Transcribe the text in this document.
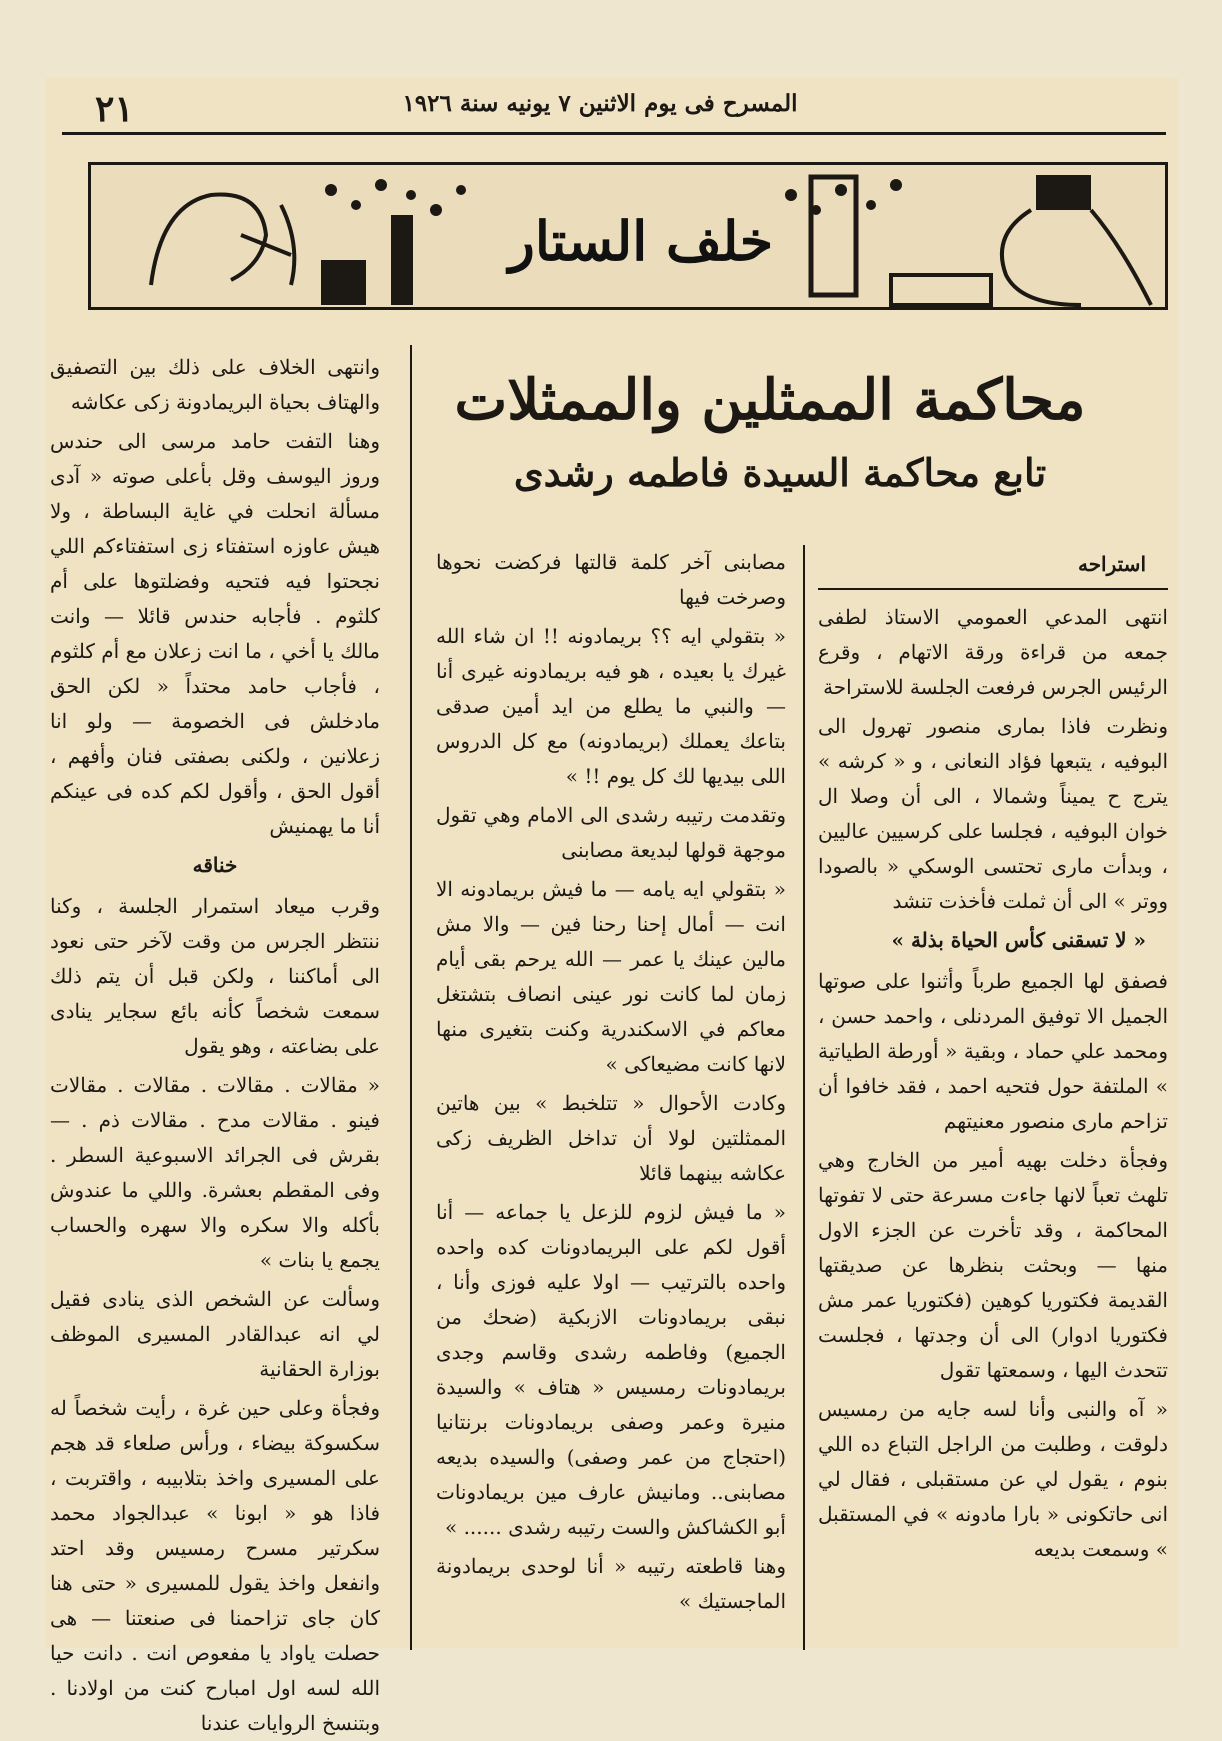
٢١	المسرح فى يوم الاثنين ٧ يونيه سنة ١٩٢٦
خلف الستار
محاكمة الممثلين والممثلات
تابع محاكمة السيدة فاطمه رشدى
استراحه

انتهى المدعي العمومي الاستاذ لطفى جمعه من قراءة ورقة الاتهام ، وقرع الرئيس الجرس فرفعت الجلسة للاستراحة

ونظرت فاذا بمارى منصور تهرول الى البوفيه ، يتبعها فؤاد النعانى ، و « كرشه » يترج ح يميناً وشمالا ، الى أن وصلا ال خوان البوفيه ، فجلسا على كرسيين عاليين ، وبدأت مارى تحتسى الوسكي « بالصودا ووتر » الى أن ثملت فأخذت تنشد

« لا تسقنى كأس الحياة بذلة »

فصفق لها الجميع طرباً وأثنوا على صوتها الجميل الا توفيق المردنلى ، واحمد حسن ، ومحمد علي حماد ، وبقية « أورطة الطياتية » الملتفة حول فتحيه احمد ، فقد خافوا أن تزاحم مارى منصور معنيتهم

وفجأة دخلت بهيه أمير من الخارج وهي تلهث تعباً لانها جاءت مسرعة حتى لا تفوتها المحاكمة ، وقد تأخرت عن الجزء الاول منها — وبحثت بنظرها عن صديقتها القديمة فكتوريا كوهين (فكتوريا عمر مش فكتوريا ادوار) الى أن وجدتها ، فجلست تتحدث اليها ، وسمعتها تقول

« آه والنبى وأنا لسه جايه من رمسيس دلوقت ، وطلبت من الراجل التباع ده اللي بنوم ، يقول لي عن مستقبلى ، فقال لي انى حاتكونى « بارا مادونه » في المستقبل » وسمعت بديعه

مصابنى آخر كلمة قالتها فركضت نحوها وصرخت فيها

« بتقولي ايه ؟؟ بريمادونه !! ان شاء الله غيرك يا بعيده ، هو فيه بريمادونه غيرى أنا — والنبي ما يطلع من ايد أمين صدقى بتاعك يعملك (بريمادونه) مع كل الدروس اللى بيديها لك كل يوم !! »

وتقدمت رتيبه رشدى الى الامام وهي تقول موجهة قولها لبديعة مصابنى

« بتقولي ايه يامه — ما فيش بريمادونه الا انت — أمال إحنا رحنا فين — والا مش مالين عينك يا عمر — الله يرحم بقى أيام زمان لما كانت نور عينى انصاف بتشتغل معاكم في الاسكندرية وكنت بتغيرى منها لانها كانت مضيعاكى »

وكادت الأحوال « تتلخبط » بين هاتين الممثلتين لولا أن تداخل الظريف زكى عكاشه بينهما قائلا

« ما فيش لزوم للزعل يا جماعه — أنا أقول لكم على البريمادونات كده واحده واحده بالترتيب — اولا عليه فوزى وأنا ، نبقى بريمادونات الازبكية (ضحك من الجميع) وفاطمه رشدى وقاسم وجدى بريمادونات رمسيس « هتاف » والسيدة منيرة وعمر وصفى بريمادونات برنتانيا (احتجاج من عمر وصفى) والسيده بديعه مصابنى.. ومانيش عارف مين بريمادونات أبو الكشاكش والست رتيبه رشدى ...... »

وهنا قاطعته رتيبه « أنا لوحدى بريمادونة الماجستيك »

وانتهى الخلاف على ذلك بين التصفيق والهتاف بحياة البريمادونة زكى عكاشه

وهنا التفت حامد مرسى الى حندس وروز اليوسف وقل بأعلى صوته « آدى مسألة انحلت في غاية البساطة ، ولا هيش عاوزه استفتاء زى استفتاءكم اللي نجحتوا فيه فتحيه وفضلتوها على أم كلثوم . فأجابه حندس قائلا — وانت مالك يا أخي ، ما انت زعلان مع أم كلثوم ، فأجاب حامد محتداً « لكن الحق مادخلش فى الخصومة — ولو انا زعلانين ، ولكنى بصفتى فنان وأفهم ، أقول الحق ، وأقول لكم كده فى عينكم أنا ما يهمنيش

خناقه

وقرب ميعاد استمرار الجلسة ، وكنا ننتظر الجرس من وقت لآخر حتى نعود الى أماكننا ، ولكن قبل أن يتم ذلك سمعت شخصاً كأنه بائع سجاير ينادى على بضاعته ، وهو يقول

« مقالات . مقالات . مقالات . مقالات فينو . مقالات مدح . مقالات ذم . — بقرش فى الجرائد الاسبوعية السطر . وفى المقطم بعشرة. واللي ما عندوش بأكله والا سكره والا سهره والحساب يجمع يا بنات »

وسألت عن الشخص الذى ينادى فقيل لي انه عبدالقادر المسيرى الموظف بوزارة الحقانية

وفجأة وعلى حين غرة ، رأيت شخصاً له سكسوكة بيضاء ، ورأس صلعاء قد هجم على المسيرى واخذ بتلابيبه ، واقتربت ، فاذا هو « ابونا » عبدالجواد محمد سكرتير مسرح رمسيس وقد احتد وانفعل واخذ يقول للمسيرى « حتى هنا كان جاى تزاحمنا فى صنعتنا — هى حصلت ياواد يا مفعوص انت . دانت حيا الله لسه اول امبارح كنت من اولادنا . وبتنسخ الروايات عندنا
